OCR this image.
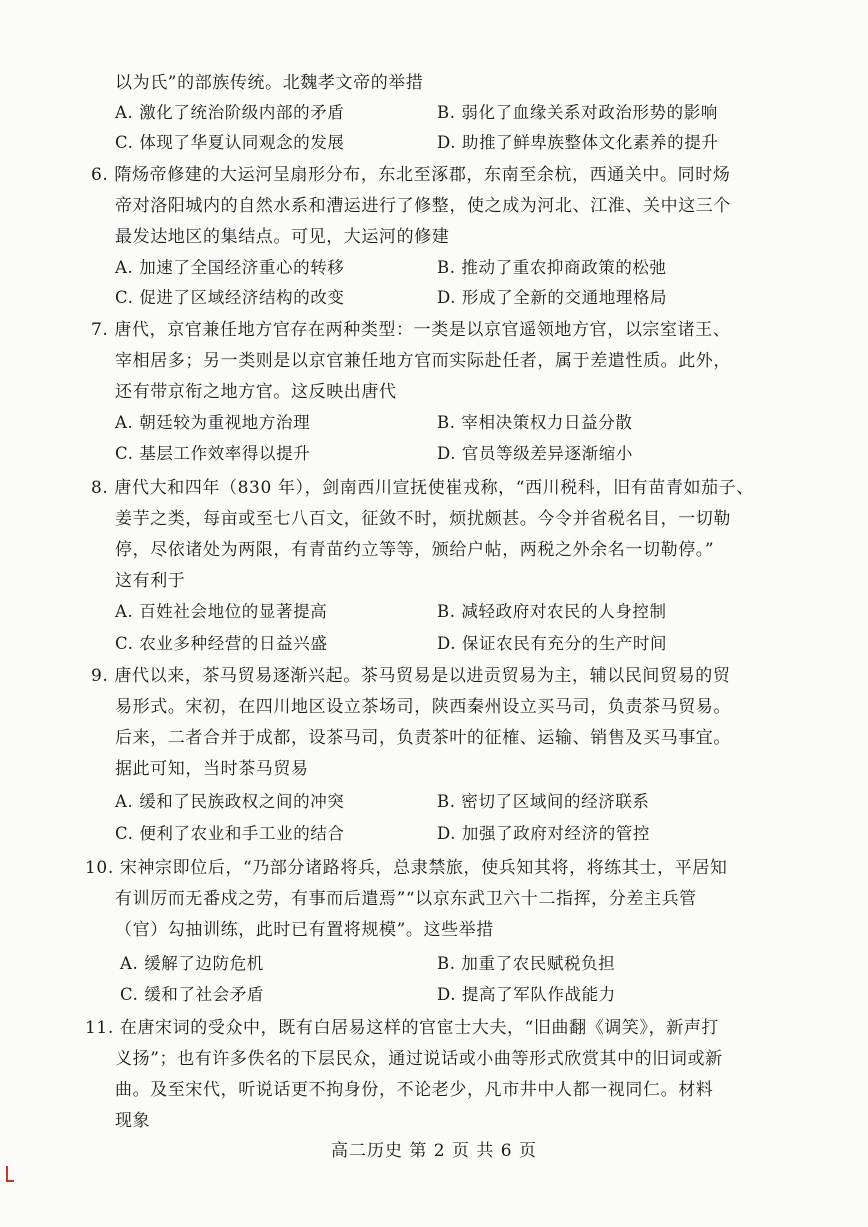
以为氏”的部族传统。北魏孝文帝的举措
A. 激化了统治阶级内部的矛盾	B. 弱化了血缘关系对政治形势的影响
C. 体现了华夏认同观念的发展	D. 助推了鲜卑族整体文化素养的提升
6. 隋炀帝修建的大运河呈扇形分布，东北至涿郡，东南至余杭，西通关中。同时炀
帝对洛阳城内的自然水系和漕运进行了修整，使之成为河北、江淮、关中这三个
最发达地区的集结点。可见，大运河的修建
A. 加速了全国经济重心的转移	B. 推动了重农抑商政策的松弛
C. 促进了区域经济结构的改变	D. 形成了全新的交通地理格局
7. 唐代，京官兼任地方官存在两种类型：一类是以京官遥领地方官，以宗室诸王、
宰相居多；另一类则是以京官兼任地方官而实际赴任者，属于差遣性质。此外，
还有带京衔之地方官。这反映出唐代
A. 朝廷较为重视地方治理	B. 宰相决策权力日益分散
C. 基层工作效率得以提升	D. 官员等级差异逐渐缩小
8. 唐代大和四年（830 年），剑南西川宣抚使崔戎称，“西川税科，旧有苗青如茄子、
姜芋之类，每亩或至七八百文，征敛不时，烦扰颇甚。今令并省税名目，一切勒
停，尽依诸处为两限，有青苗约立等等，颁给户帖，两税之外余名一切勒停。”
这有利于
A. 百姓社会地位的显著提高	B. 减轻政府对农民的人身控制
C. 农业多种经营的日益兴盛	D. 保证农民有充分的生产时间
9. 唐代以来，茶马贸易逐渐兴起。茶马贸易是以进贡贸易为主，辅以民间贸易的贸
易形式。宋初，在四川地区设立茶场司，陕西秦州设立买马司，负责茶马贸易。
后来，二者合并于成都，设茶马司，负责茶叶的征榷、运输、销售及买马事宜。
据此可知，当时茶马贸易
A. 缓和了民族政权之间的冲突	B. 密切了区域间的经济联系
C. 便利了农业和手工业的结合	D. 加强了政府对经济的管控
10. 宋神宗即位后，“乃部分诸路将兵，总隶禁旅，使兵知其将，将练其士，平居知
有训厉而无番戍之劳，有事而后遣焉”“以京东武卫六十二指挥，分差主兵管
（官）勾抽训练，此时已有置将规模”。这些举措
A. 缓解了边防危机	B. 加重了农民赋税负担
C. 缓和了社会矛盾	D. 提高了军队作战能力
11. 在唐宋词的受众中，既有白居易这样的官宦士大夫，“旧曲翻《调笑》，新声打
义扬”；也有许多佚名的下层民众，通过说话或小曲等形式欣赏其中的旧词或新
曲。及至宋代，听说话更不拘身份，不论老少，凡市井中人都一视同仁。材料
现象
高二历史 第 2 页 共 6 页
